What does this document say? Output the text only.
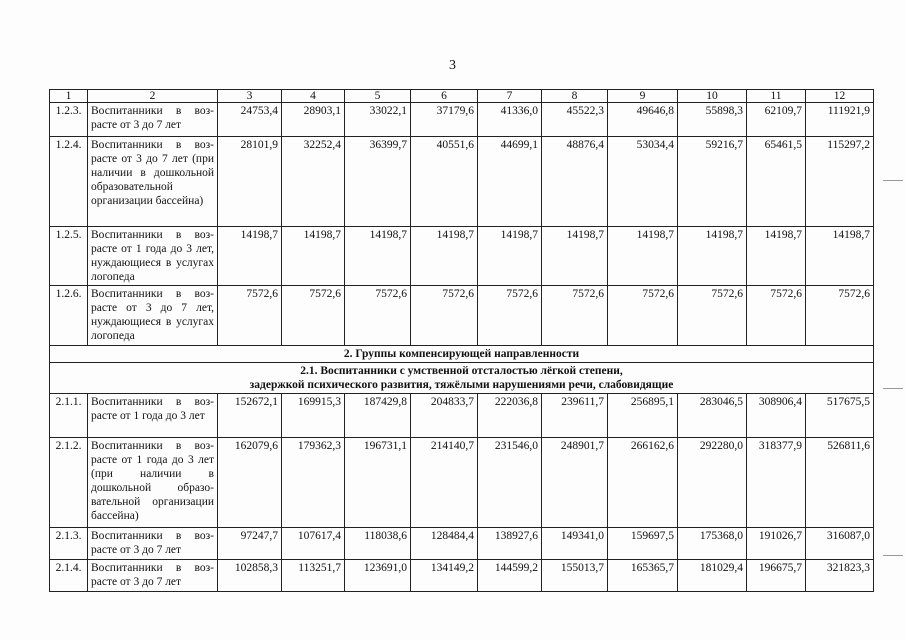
3
1	2	3	4	5	6	7	8	9	10	11	12
1.2.3.	Воспитанники в возрасте от 3 до 7 лет	24753,4	28903,1	33022,1	37179,6	41336,0	45522,3	49646,8	55898,3	62109,7	111921,9
1.2.4.	Воспитанники в возрасте от 3 до 7 лет (при наличии в дошкольной образовательной организации бассейна)	28101,9	32252,4	36399,7	40551,6	44699,1	48876,4	53034,4	59216,7	65461,5	115297,2
1.2.5.	Воспитанники в возрасте от 1 года до 3 лет, нуждающиеся в услугах логопеда	14198,7	14198,7	14198,7	14198,7	14198,7	14198,7	14198,7	14198,7	14198,7	14198,7
1.2.6.	Воспитанники в возрасте от 3 до 7 лет, нуждающиеся в услугах логопеда	7572,6	7572,6	7572,6	7572,6	7572,6	7572,6	7572,6	7572,6	7572,6	7572,6
2. Группы компенсирующей направленности											

2.1. Воспитанники с умственной отсталостью лёгкой степени,
задержкой психического развития, тяжёлыми нарушениями речи, слабовидящие											

2.1.1.	Воспитанники в возрасте от 1 года до 3 лет	152672,1	169915,3	187429,8	204833,7	222036,8	239611,7	256895,1	283046,5	308906,4	517675,5
2.1.2.	Воспитанники в возрасте от 1 года до 3 лет (при наличии в дошкольной образовательной организации бассейна)	162079,6	179362,3	196731,1	214140,7	231546,0	248901,7	266162,6	292280,0	318377,9	526811,6
2.1.3.	Воспитанники в возрасте от 3 до 7 лет	97247,7	107617,4	118038,6	128484,4	138927,6	149341,0	159697,5	175368,0	191026,7	316087,0
2.1.4.	Воспитанники в возрасте от 3 до 7 лет	102858,3	113251,7	123691,0	134149,2	144599,2	155013,7	165365,7	181029,4	196675,7	321823,3
